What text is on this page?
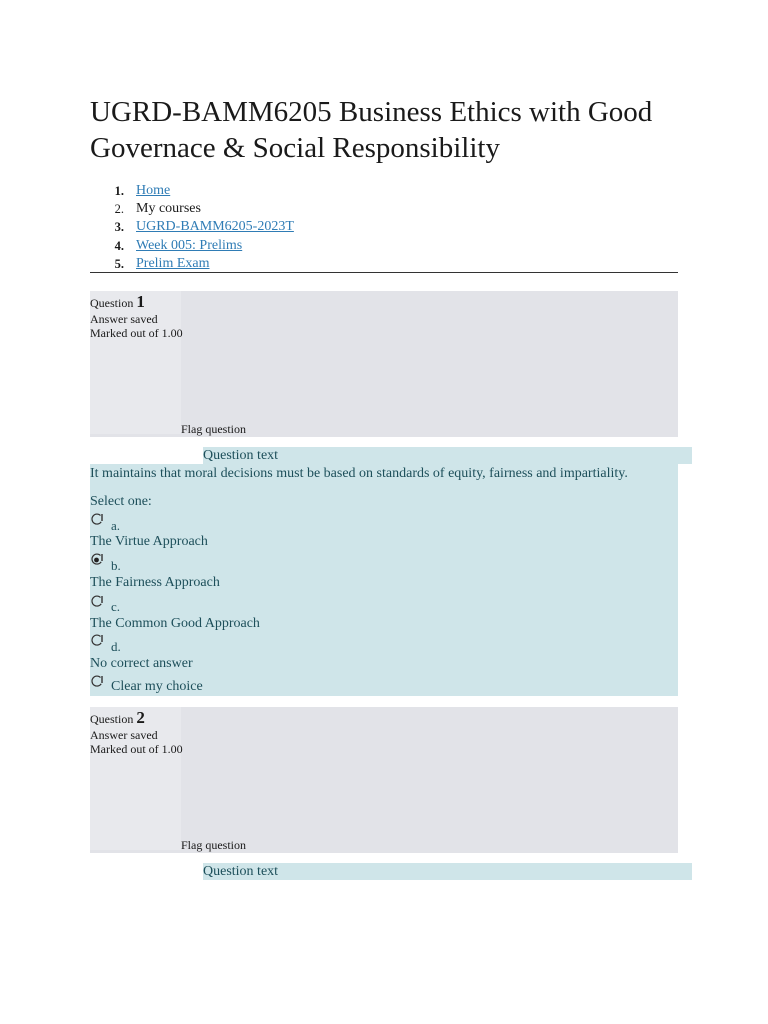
UGRD-BAMM6205 Business Ethics with Good Governace & Social Responsibility
1. Home
2. My courses
3. UGRD-BAMM6205-2023T
4. Week 005: Prelims
5. Prelim Exam
Question 1
Answer saved
Marked out of 1.00
Flag question
Question text
It maintains that moral decisions must be based on standards of equity, fairness and impartiality.
Select one:
a.
The Virtue Approach
b.
The Fairness Approach
c.
The Common Good Approach
d.
No correct answer
Clear my choice
Question 2
Answer saved
Marked out of 1.00
Flag question
Question text
